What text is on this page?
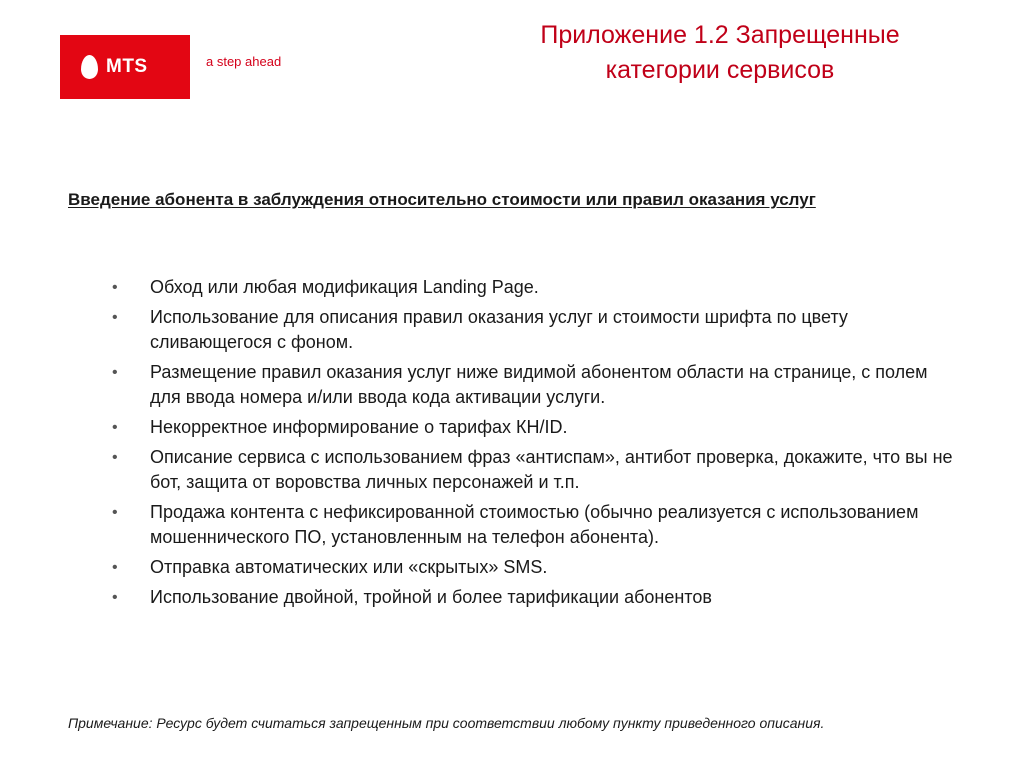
MTS	a step ahead
Приложение 1.2 Запрещенные
категории сервисов
Введение абонента в заблуждения относительно стоимости или правил оказания услуг
• Обход или любая модификация Landing Page.
• Использование для описания правил оказания услуг и стоимости шрифта по цвету сливающегося с фоном.
• Размещение правил оказания услуг ниже видимой абонентом области на странице, с полем для ввода номера и/или ввода кода активации услуги.
• Некорректное информирование о тарифах КН/ID.
• Описание сервиса с использованием фраз «антиспам», антибот проверка, докажите, что вы не бот, защита от воровства личных персонажей и т.п.
• Продажа контента с нефиксированной стоимостью (обычно реализуется с использованием мошеннического ПО, установленным на телефон абонента).
• Отправка автоматических или «скрытых» SMS.
• Использование двойной, тройной и более тарификации абонентов
Примечание: Ресурс будет считаться запрещенным при соответствии любому пункту приведенного описания.
